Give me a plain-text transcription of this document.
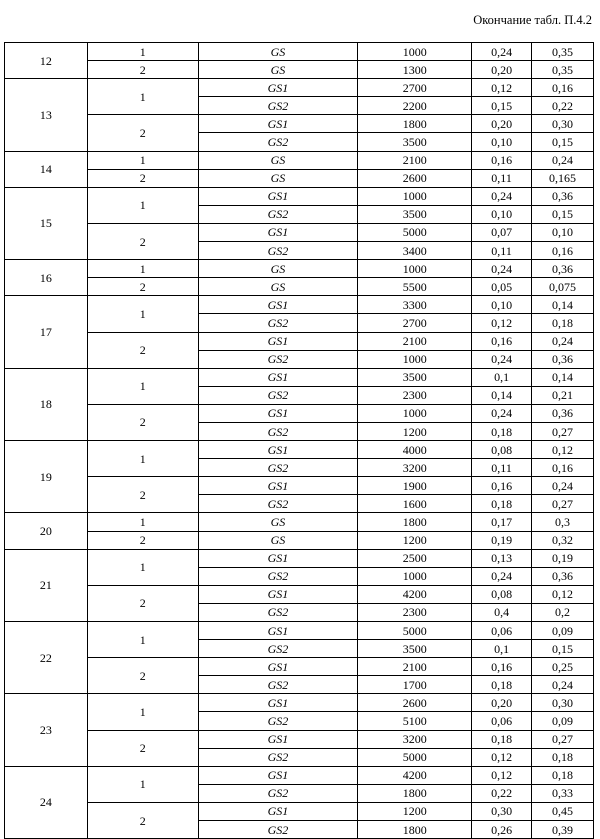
Окончание табл. П.4.2
12	1	GS	1000	0,24	0,35
	2	GS	1300	0,20	0,35
13	1	GS1	2700	0,12	0,16
		GS2	2200	0,15	0,22
	2	GS1	1800	0,20	0,30
		GS2	3500	0,10	0,15
14	1	GS	2100	0,16	0,24
	2	GS	2600	0,11	0,165
15	1	GS1	1000	0,24	0,36
		GS2	3500	0,10	0,15
	2	GS1	5000	0,07	0,10
		GS2	3400	0,11	0,16
16	1	GS	1000	0,24	0,36
	2	GS	5500	0,05	0,075
17	1	GS1	3300	0,10	0,14
		GS2	2700	0,12	0,18
	2	GS1	2100	0,16	0,24
		GS2	1000	0,24	0,36
18	1	GS1	3500	0,1	0,14
		GS2	2300	0,14	0,21
	2	GS1	1000	0,24	0,36
		GS2	1200	0,18	0,27
19	1	GS1	4000	0,08	0,12
		GS2	3200	0,11	0,16
	2	GS1	1900	0,16	0,24
		GS2	1600	0,18	0,27
20	1	GS	1800	0,17	0,3
	2	GS	1200	0,19	0,32
21	1	GS1	2500	0,13	0,19
		GS2	1000	0,24	0,36
	2	GS1	4200	0,08	0,12
		GS2	2300	0,4	0,2
22	1	GS1	5000	0,06	0,09
		GS2	3500	0,1	0,15
	2	GS1	2100	0,16	0,25
		GS2	1700	0,18	0,24
23	1	GS1	2600	0,20	0,30
		GS2	5100	0,06	0,09
	2	GS1	3200	0,18	0,27
		GS2	5000	0,12	0,18
24	1	GS1	4200	0,12	0,18
		GS2	1800	0,22	0,33
	2	GS1	1200	0,30	0,45
		GS2	1800	0,26	0,39
